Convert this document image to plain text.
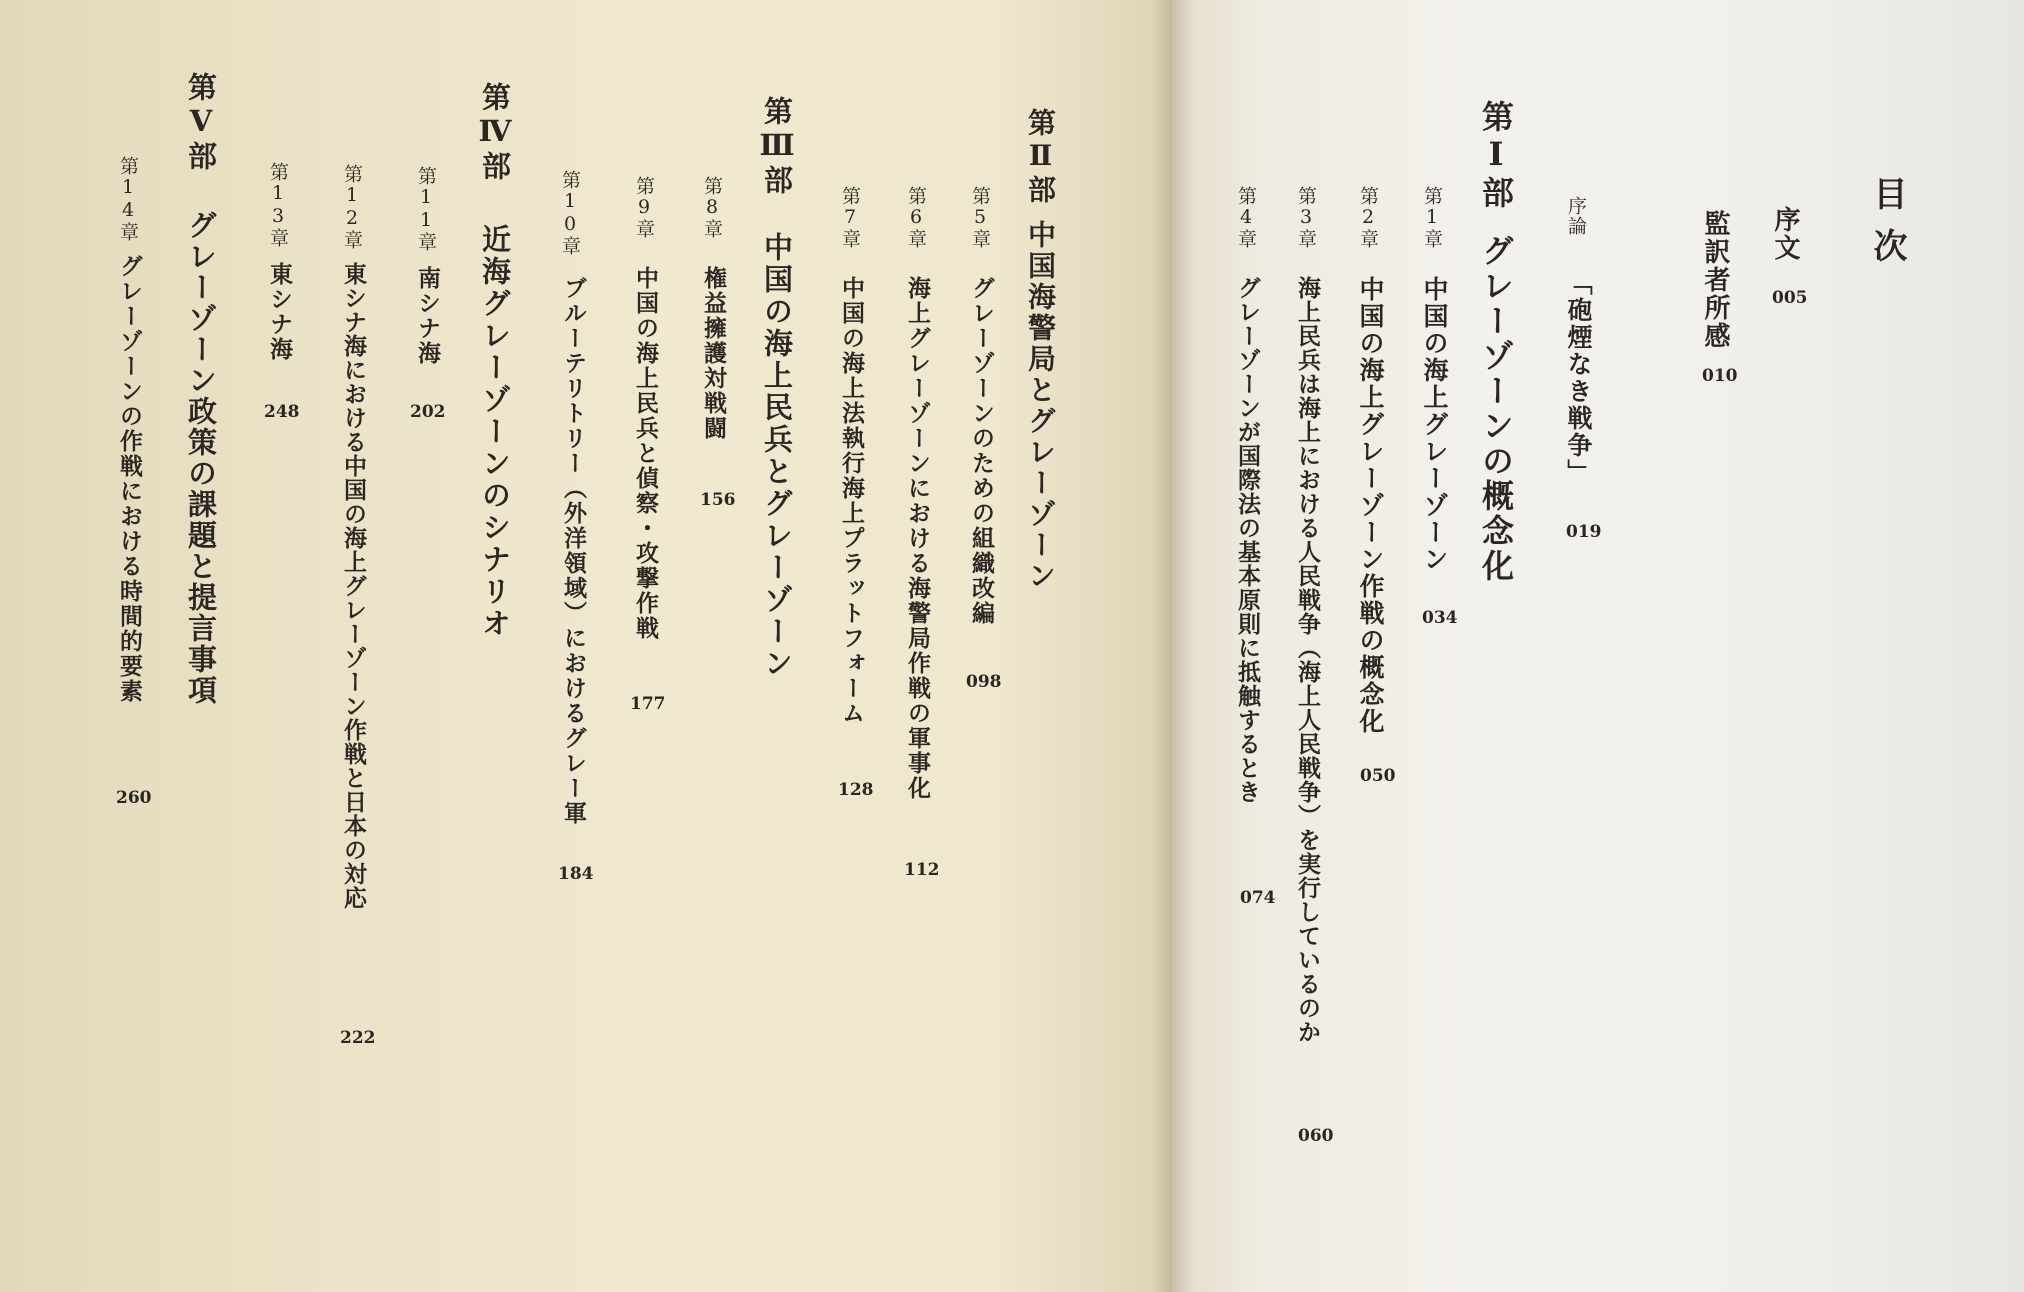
目次
序文
005
監訳者所感
010
序論
「砲煙なき戦争」
019
第Ⅰ部
グレーゾーンの概念化
第1章
中国の海上グレーゾーン
034
第2章
中国の海上グレーゾーン作戦の概念化
050
第3章
海上民兵は海上における人民戦争（海上人民戦争）を実行しているのか
060
第4章
グレーゾーンが国際法の基本原則に抵触するとき
074
第Ⅱ部
中国海警局とグレーゾーン
第5章
グレーゾーンのための組織改編
098
第6章
海上グレーゾーンにおける海警局作戦の軍事化
112
第7章
中国の海上法執行海上プラットフォーム
128
第Ⅲ部
中国の海上民兵とグレーゾーン
第8章
権益擁護対戦闘
156
第9章
中国の海上民兵と偵察・攻撃作戦
177
第10章
ブルーテリトリー（外洋領域）におけるグレー軍
184
第Ⅳ部
近海グレーゾーンのシナリオ
第11章
南シナ海
202
第12章
東シナ海における中国の海上グレーゾーン作戦と日本の対応
222
第13章
東シナ海
248
第Ⅴ部
グレーゾーン政策の課題と提言事項
第14章
グレーゾーンの作戦における時間的要素
260
